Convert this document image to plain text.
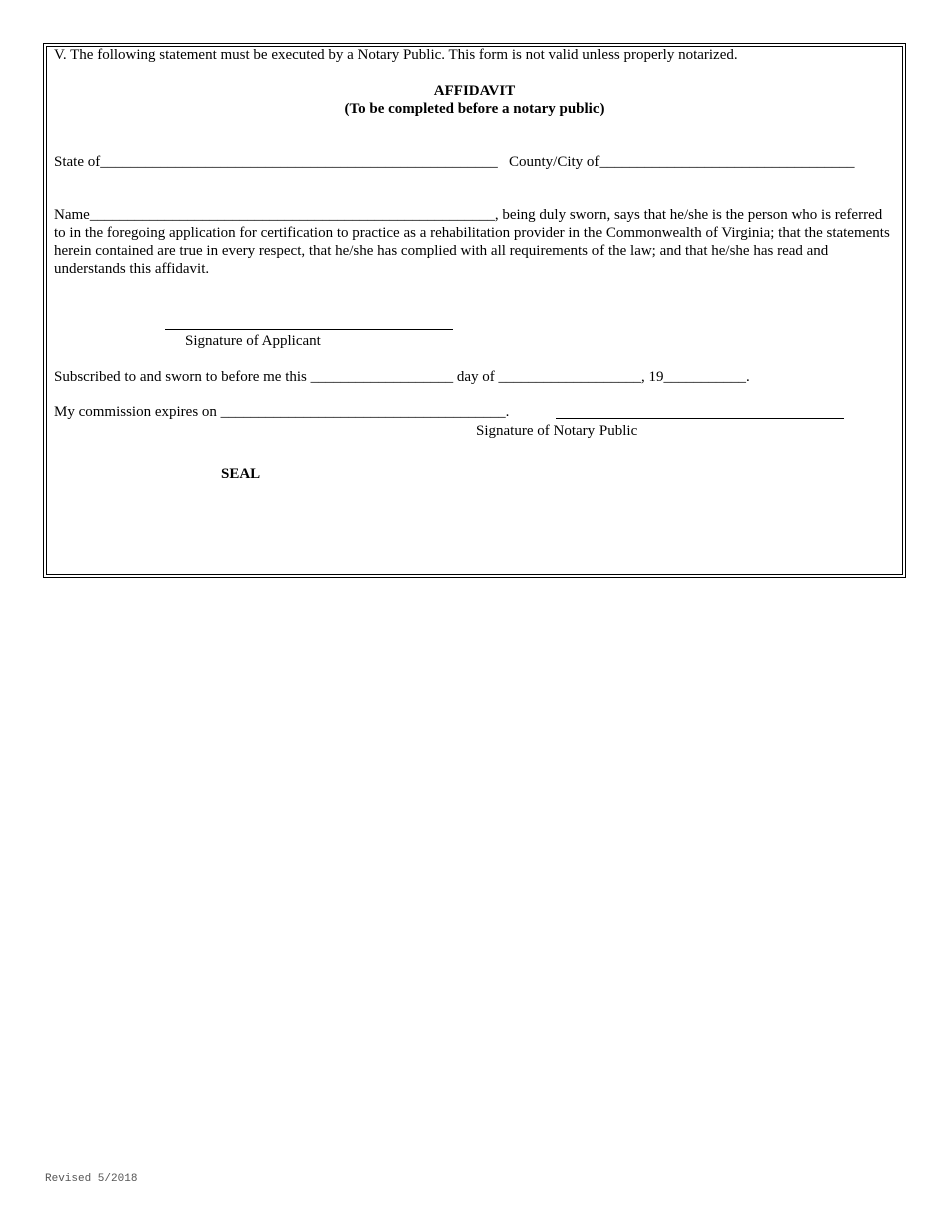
V. The following statement must be executed by a Notary Public. This form is not valid unless properly notarized.
AFFIDAVIT
(To be completed before a notary public)
State of_____________________________________________________ County/City of__________________________________
Name______________________________________________________, being duly sworn, says that he/she is the person who is referred to in the foregoing application for certification to practice as a rehabilitation provider in the Commonwealth of Virginia; that the statements herein contained are true in every respect, that he/she has complied with all requirements of the law; and that he/she has read and understands this affidavit.
Signature of Applicant
Subscribed to and sworn to before me this ___________________ day of ___________________, 19___________.
My commission expires on ______________________________________.
Signature of Notary Public
SEAL
Revised 5/2018
